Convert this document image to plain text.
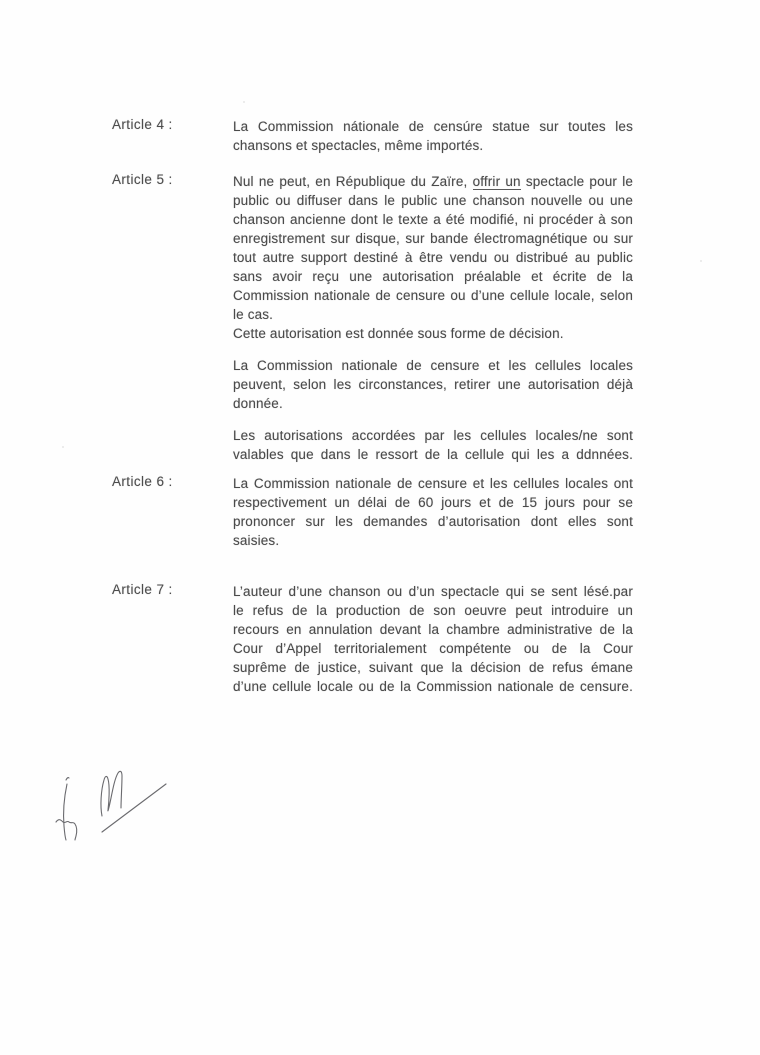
Article 4 :	La Commission nátionale de censúre statue sur toutes les
chansons et spectacles, même importés.
Article 5 :	Nul ne peut, en République du Zaïre, offrir un spectacle pour le
public ou diffuser dans le public une chanson nouvelle ou une
chanson ancienne dont le texte a été modifié, ni procéder à son
enregistrement sur disque, sur bande électromagnétique ou sur
tout autre support destiné à être vendu ou distribué au public
sans avoir reçu une autorisation préalable et écrite de la
Commission nationale de censure ou d’une cellule locale, selon
le cas.
Cette autorisation est donnée sous forme de décision.
La Commission nationale de censure et les cellules locales
peuvent, selon les circonstances, retirer une autorisation déjà
donnée.
Les autorisations accordées par les cellules locales/ne sont
valables que dans le ressort de la cellule qui les a ddnnées.
Article 6 :	La Commission nationale de censure et les cellules locales ont
respectivement un délai de 60 jours et de 15 jours pour se
prononcer sur les demandes d’autorisation dont elles sont
saisies.
Article 7 :	L’auteur d’une chanson ou d’un spectacle qui se sent lésé.par
le refus de la production de son oeuvre peut introduire un
recours en annulation devant la chambre administrative de la
Cour d’Appel territorialement compétente ou de la Cour
suprême de justice, suivant que la décision de refus émane
d’une cellule locale ou de la Commission nationale de censure.
